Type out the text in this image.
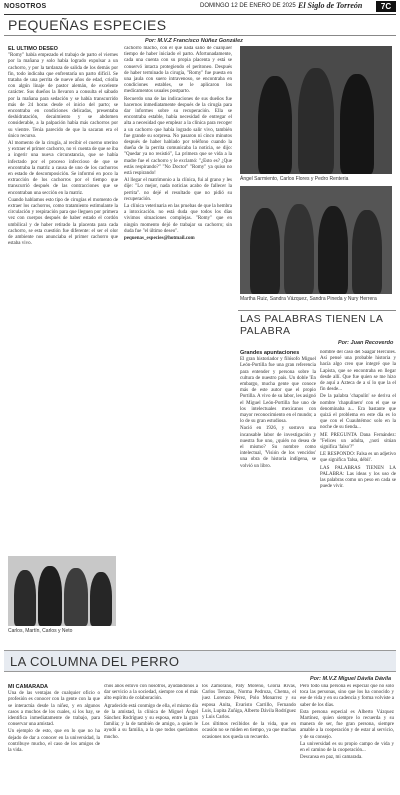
NOSOTROS	DOMINGO 12 DE ENERO DE 2025 El Siglo de Torreón	7C
PEQUEÑAS ESPECIES
Por: M.V.Z Francisco Núñez González
EL ULTIMO DESEO

"Romy" había empezado el trabajo de parto el viernes por la mañana y solo había logrado expulsar a un cachorro, y por la tardanza de salida de los demás por fin, todo indicaba que enfrentaría un parto difícil. Se trataba de una perrita de nueve años de edad, criolla con algún linaje de pastor alemán, de excelente carácter. Sus dueños la llevaron a consulta el sábado por la mañana para sedación y se había transcurrido más de 24 horas desde el inicio del parto; se encontraba en condiciones delicadas, presentaba deshidratación, decaimiento y se abdomen considerable, a la palpación había más cachorros por su vientre. Tenía parecido de que la sacaran era el único recurso.

Al momento de la cirugía, al recibir el cuerno uterino y extraer el primer cachorro, no vi cuenta de que se iba a ingerir una nueva circunstancia, que se había infectado por el proceso infeccioso de que se encontraba la matriz a causa de uno de los cachorros en estado de descomposición. Se informó en poco la extracción de los cachorros por el tiempo que transcurrió después de las contracciones que se encontraban una sección en la matriz.

Cuando hablamos esto tipo de cirugías el momento de extraer los cachorros, como tratamiento estimulante la circulación y respiración para que lleguen por primera vez con cuerpos después de haber estado el cordón umbilical y de haber retirado la placenta para cada cachorro, se esta cuestión fue diferente: el ser el olor de ambiente nos anunciaba el primer cachorro que estaba vivo.

Carlos, Martín, Carlos y Neto

cachorro macho, con el que nada salió de cualquier tiempo de haber iniciado el parto. Afortunadamente, cada una cuenta con su propia placenta y está se conservó intacta protegiendo el peritoneo. Después de haber terminado la cirugía, "Romy" fue puesta en una jaula con suero intravenoso, se encontraba en condiciones estables, se le aplicaron los medicamentos usuales postparto.

Recuerdo una de las indicaciones de sus dueños fue hacernos inmediatamente después de la cirugía para dar informes sobre su recuperación. Ella se encontraba estable, había necesidad de entregar el alta a necesidad que emplear a la clínica para recoger a un cachorro que había logrado salir vivo, también fue grande su sorpresa. No pasaron ni cinco minutos después de haber hablado por teléfono cuando la dueña de la perrita comunicaba la noticia, se dijo: "Quedar ya no resistió", La primera que se vida a la madre fue el cachorro y le exclamó: "¿Esto es? ¿Que estás respirando?" "No Doctor" "Romy" ya quiso no está respirando!

Al llegar el matrimonio a la clínica, fui al grano y les dije: "Lo mejor, nada noticias acabo de fallecer la perrita". no dejé el resultado que no pidió su recuperación.

La clínica veterinaria en las pruebas de que la hembra a intoxicación. no está duda que todos los días vivimos situaciones complejas. "Romy" que en ningún momento dejó de trabajar su cachorro; sin duda fue "el último deseo".

pequenas_especies@hotmail.com

Ángel Sarmiento, Carlos Flores y Pedro Renteria
Martha Ruiz, Sandra Vázquez, Sandra Pineda y Nury Herrera
LAS PALABRAS TIENEN LA PALABRA
Por: Juan Recoverdo
Grandes apuntaciones

El gran historiador y filósofo Miguel León-Portilla fue una gran referencia para entender y persona sobre la cultura de nuestro país. Un doble 'En embargo, mucha gente que conoce más de este autor que el propio Portilla. A vivo de su labor, les asignó el Miguel León-Portilla fue uno de los intelectuales mexicanos con mayor reconocimiento en el mundo; a lo de su gran estudiosa.

Nació en 1926, y sostuvo una incansable labor de investigación y nuestra fue uno, ¿quién no desea de el mismo? Su nombre como intelectual, 'Visión de los vencidos' una obra de historia indígena, se volvió un libro.

nombre del caso del Saagar Hercules. Así pensé una probable historia y hacía algo creo que integré que la Lapista, que se encontraba en llegar desde allí. Que fue quien se me hizo de aquí a Azteca de a sí lo que la el fin desde...

De la palabra 'chapulín' se deriva el nombre 'chapulinero' con el que se denominaba a... Era bastante que quizá el problema en este día es lo que con el Cuauhtémoc solo en la noche de su tienda...

ME PREGUNTA Dana Fernández: "Felices un adulta, ¿noti sitúan significa 'falso'?"

LE RESPONDO: Falsa es un adjetivo que significa 'falsa, débil'.

LAS PALABRAS TIENEN LA PALABRA: Las ideas y los uso de las palabras como un peso en cada se puede vivir.

LA COLUMNA DEL PERRO
Por: M.V.Z Miguel Dávila Dávila
MI CAMARADA

Una de las ventajas de cualquier oficio o profesión es conocer con la gente con la que se interactúa desde la niñez, y en algunos casos a muchos de los cuales, si los hay, se identifica inmediatamente de trabajo, para conservar una amistad.

Un ejemplo de esto, que en lo que no ha dejado de dar a conocer en la universidad, la contribuye mucho, el caso de los amigos de la vida.

chos años estuvo con nosotros, ayudándonos a dar servicio a la sociedad, siempre con el más alto espíritu de colaboración.

Agradecido está conmigo de ella, el mismo día de la amistad, la clínica de Miguel Ángel Sánchez Rodríguez y su esposa, entre la gran familia; y la de también de amigo, a quien le ayudó a su familia, a la que todos queríamos mucho.

los Zamorano, Paty Moreno, Gloria Rivas, Carlos Terrazas, Norma Pedroza, Chema, el juez Lorenzo Pérez, Polo Monarrez y su esposa Anita, Evaristo Carrillo, Fernando Luis, Lupita Zuñiga, Alberto Dávila Rodríguez y Luis Carlos.

Los últimos recibidos de la vida, que en ocasión no se miden en tiempo, ya que muchas ocasiones nos queda un recuerdo.

Pero todo una persona es especial que no solo toca las personas, sino que los ha conocido y ese de vida y en su cadencia y forma volviste a saber de los días.

Esta persona especial es Alberto Vázquez Martínez, quien siempre lo recuerda y su manera de ser, fue gran persona, siempre amable a la cooperación y de estar al servicio, y de su consejo.

La universidad es su propio campo de vida y en el camino de la cooperación...

Descansa en paz, mi camarada.
